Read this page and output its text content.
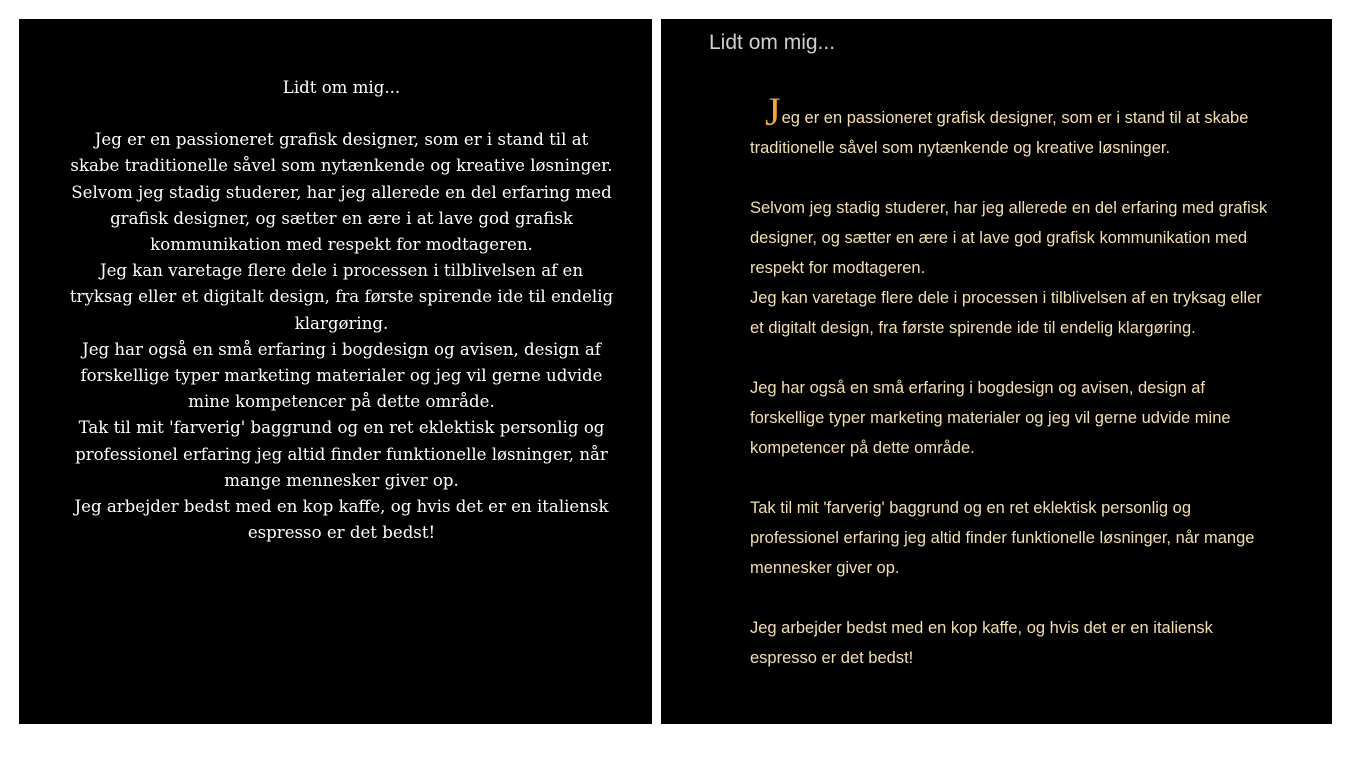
Lidt om mig...

Jeg er en passioneret grafisk designer, som er i stand til at skabe traditionelle såvel som nytænkende og kreative løsninger.

Selvom jeg stadig studerer, har jeg allerede en del erfaring med grafisk designer, og sætter en ære i at lave god grafisk kommunikation med respekt for modtageren.

Jeg kan varetage flere dele i processen i tilblivelsen af en tryksag eller et digitalt design, fra første spirende ide til endelig klargøring.

Jeg har også en små erfaring i bogdesign og avisen, design af forskellige typer marketing materialer og jeg vil gerne udvide mine kompetencer på dette område.

Tak til mit 'farverig' baggrund og en ret eklektisk personlig og professionel erfaring jeg altid finder funktionelle løsninger, når mange mennesker giver op.

Jeg arbejder bedst med en kop kaffe, og hvis det er en italiensk espresso er det bedst!

Lidt om mig...

Jeg er en passioneret grafisk designer, som er i stand til at skabe traditionelle såvel som nytænkende og kreative løsninger.

Selvom jeg stadig studerer, har jeg allerede en del erfaring med grafisk designer, og sætter en ære i at lave god grafisk kommunikation med respekt for modtageren.

Jeg kan varetage flere dele i processen i tilblivelsen af en tryksag eller et digitalt design, fra første spirende ide til endelig klargøring.

Jeg har også en små erfaring i bogdesign og avisen, design af forskellige typer marketing materialer og jeg vil gerne udvide mine kompetencer på dette område.

Tak til mit 'farverig' baggrund og en ret eklektisk personlig og professionel erfaring jeg altid finder funktionelle løsninger, når mange mennesker giver op.

Jeg arbejder bedst med en kop kaffe, og hvis det er en italiensk espresso er det bedst!
